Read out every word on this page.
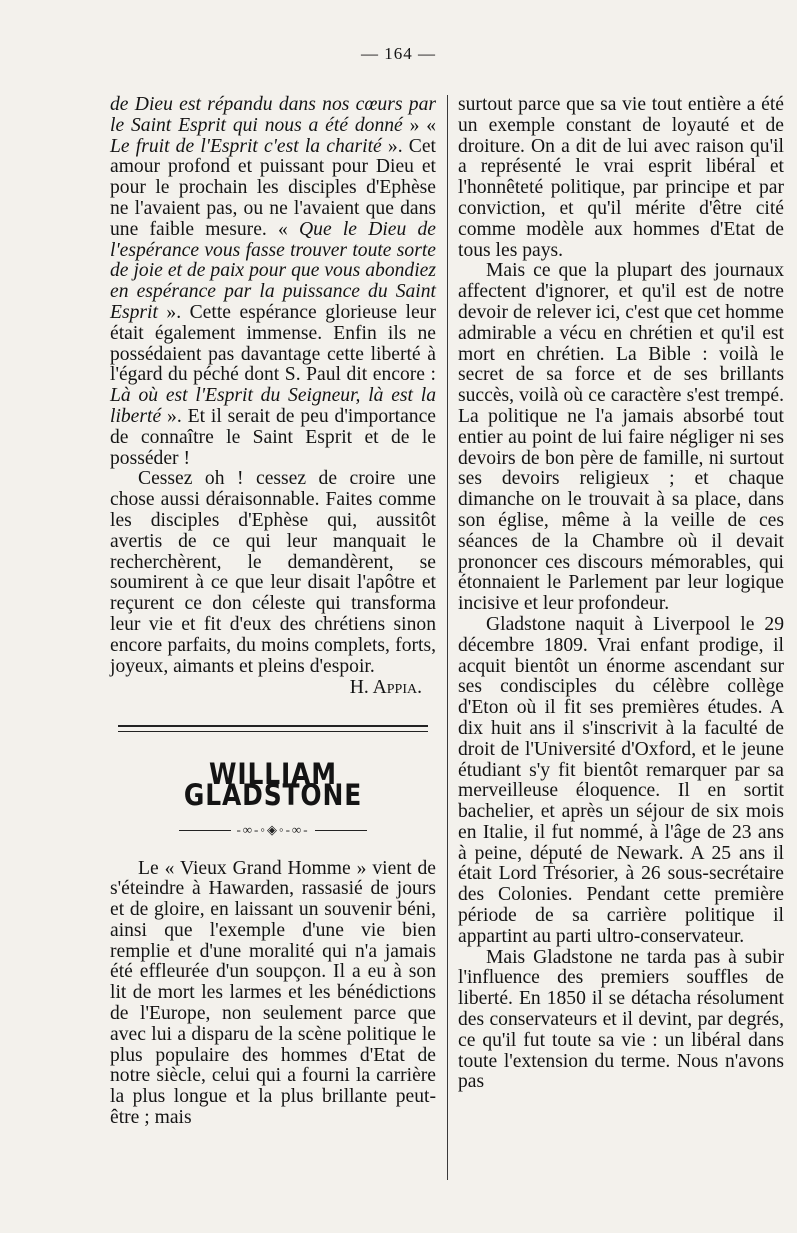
— 164 —

de Dieu est répandu dans nos cœurs par le Saint Esprit qui nous a été donné » « Le fruit de l'Esprit c'est la charité ». Cet amour profond et puissant pour Dieu et pour le prochain les disciples d'Ephèse ne l'avaient pas, ou ne l'avaient que dans une faible mesure. « Que le Dieu de l'espérance vous fasse trouver toute sorte de joie et de paix pour que vous abondiez en espérance par la puissance du Saint Esprit ». Cette espérance glorieuse leur était également immense. Enfin ils ne possédaient pas davantage cette liberté à l'égard du péché dont S. Paul dit encore : Là où est l'Esprit du Seigneur, là est la liberté ». Et il serait de peu d'importance de connaître le Saint Esprit et de le posséder !

Cessez oh ! cessez de croire une chose aussi déraisonnable. Faites comme les disciples d'Ephèse qui, aussitôt avertis de ce qui leur manquait le recherchèrent, le demandèrent, se soumirent à ce que leur disait l'apôtre et reçurent ce don céleste qui transforma leur vie et fit d'eux des chrétiens sinon encore parfaits, du moins complets, forts, joyeux, aimants et pleins d'espoir.

H. Appia.

WILLIAM GLADSTONE
-∞-◦◈◦-∞-

Le « Vieux Grand Homme » vient de s'éteindre à Hawarden, rassasié de jours et de gloire, en laissant un souvenir béni, ainsi que l'exemple d'une vie bien remplie et d'une moralité qui n'a jamais été effleurée d'un soupçon. Il a eu à son lit de mort les larmes et les bénédictions de l'Europe, non seulement parce que avec lui a disparu de la scène politique le plus populaire des hommes d'Etat de notre siècle, celui qui a fourni la carrière la plus longue et la plus brillante peut-être ; mais

surtout parce que sa vie tout entière a été un exemple constant de loyauté et de droiture. On a dit de lui avec raison qu'il a représenté le vrai esprit libéral et l'honnêteté politique, par principe et par conviction, et qu'il mérite d'être cité comme modèle aux hommes d'Etat de tous les pays.

Mais ce que la plupart des journaux affectent d'ignorer, et qu'il est de notre devoir de relever ici, c'est que cet homme admirable a vécu en chrétien et qu'il est mort en chrétien. La Bible : voilà le secret de sa force et de ses brillants succès, voilà où ce caractère s'est trempé. La politique ne l'a jamais absorbé tout entier au point de lui faire négliger ni ses devoirs de bon père de famille, ni surtout ses devoirs religieux ; et chaque dimanche on le trouvait à sa place, dans son église, même à la veille de ces séances de la Chambre où il devait prononcer ces discours mémorables, qui étonnaient le Parlement par leur logique incisive et leur profondeur.

Gladstone naquit à Liverpool le 29 décembre 1809. Vrai enfant prodige, il acquit bientôt un énorme ascendant sur ses condisciples du célèbre collège d'Eton où il fit ses premières études. A dix huit ans il s'inscrivit à la faculté de droit de l'Université d'Oxford, et le jeune étudiant s'y fit bientôt remarquer par sa merveilleuse éloquence. Il en sortit bachelier, et après un séjour de six mois en Italie, il fut nommé, à l'âge de 23 ans à peine, député de Newark. A 25 ans il était Lord Trésorier, à 26 sous-secrétaire des Colonies. Pendant cette première période de sa carrière politique il appartint au parti ultro-conservateur.

Mais Gladstone ne tarda pas à subir l'influence des premiers souffles de liberté. En 1850 il se détacha résolument des conservateurs et il devint, par degrés, ce qu'il fut toute sa vie : un libéral dans toute l'extension du terme. Nous n'avons pas
